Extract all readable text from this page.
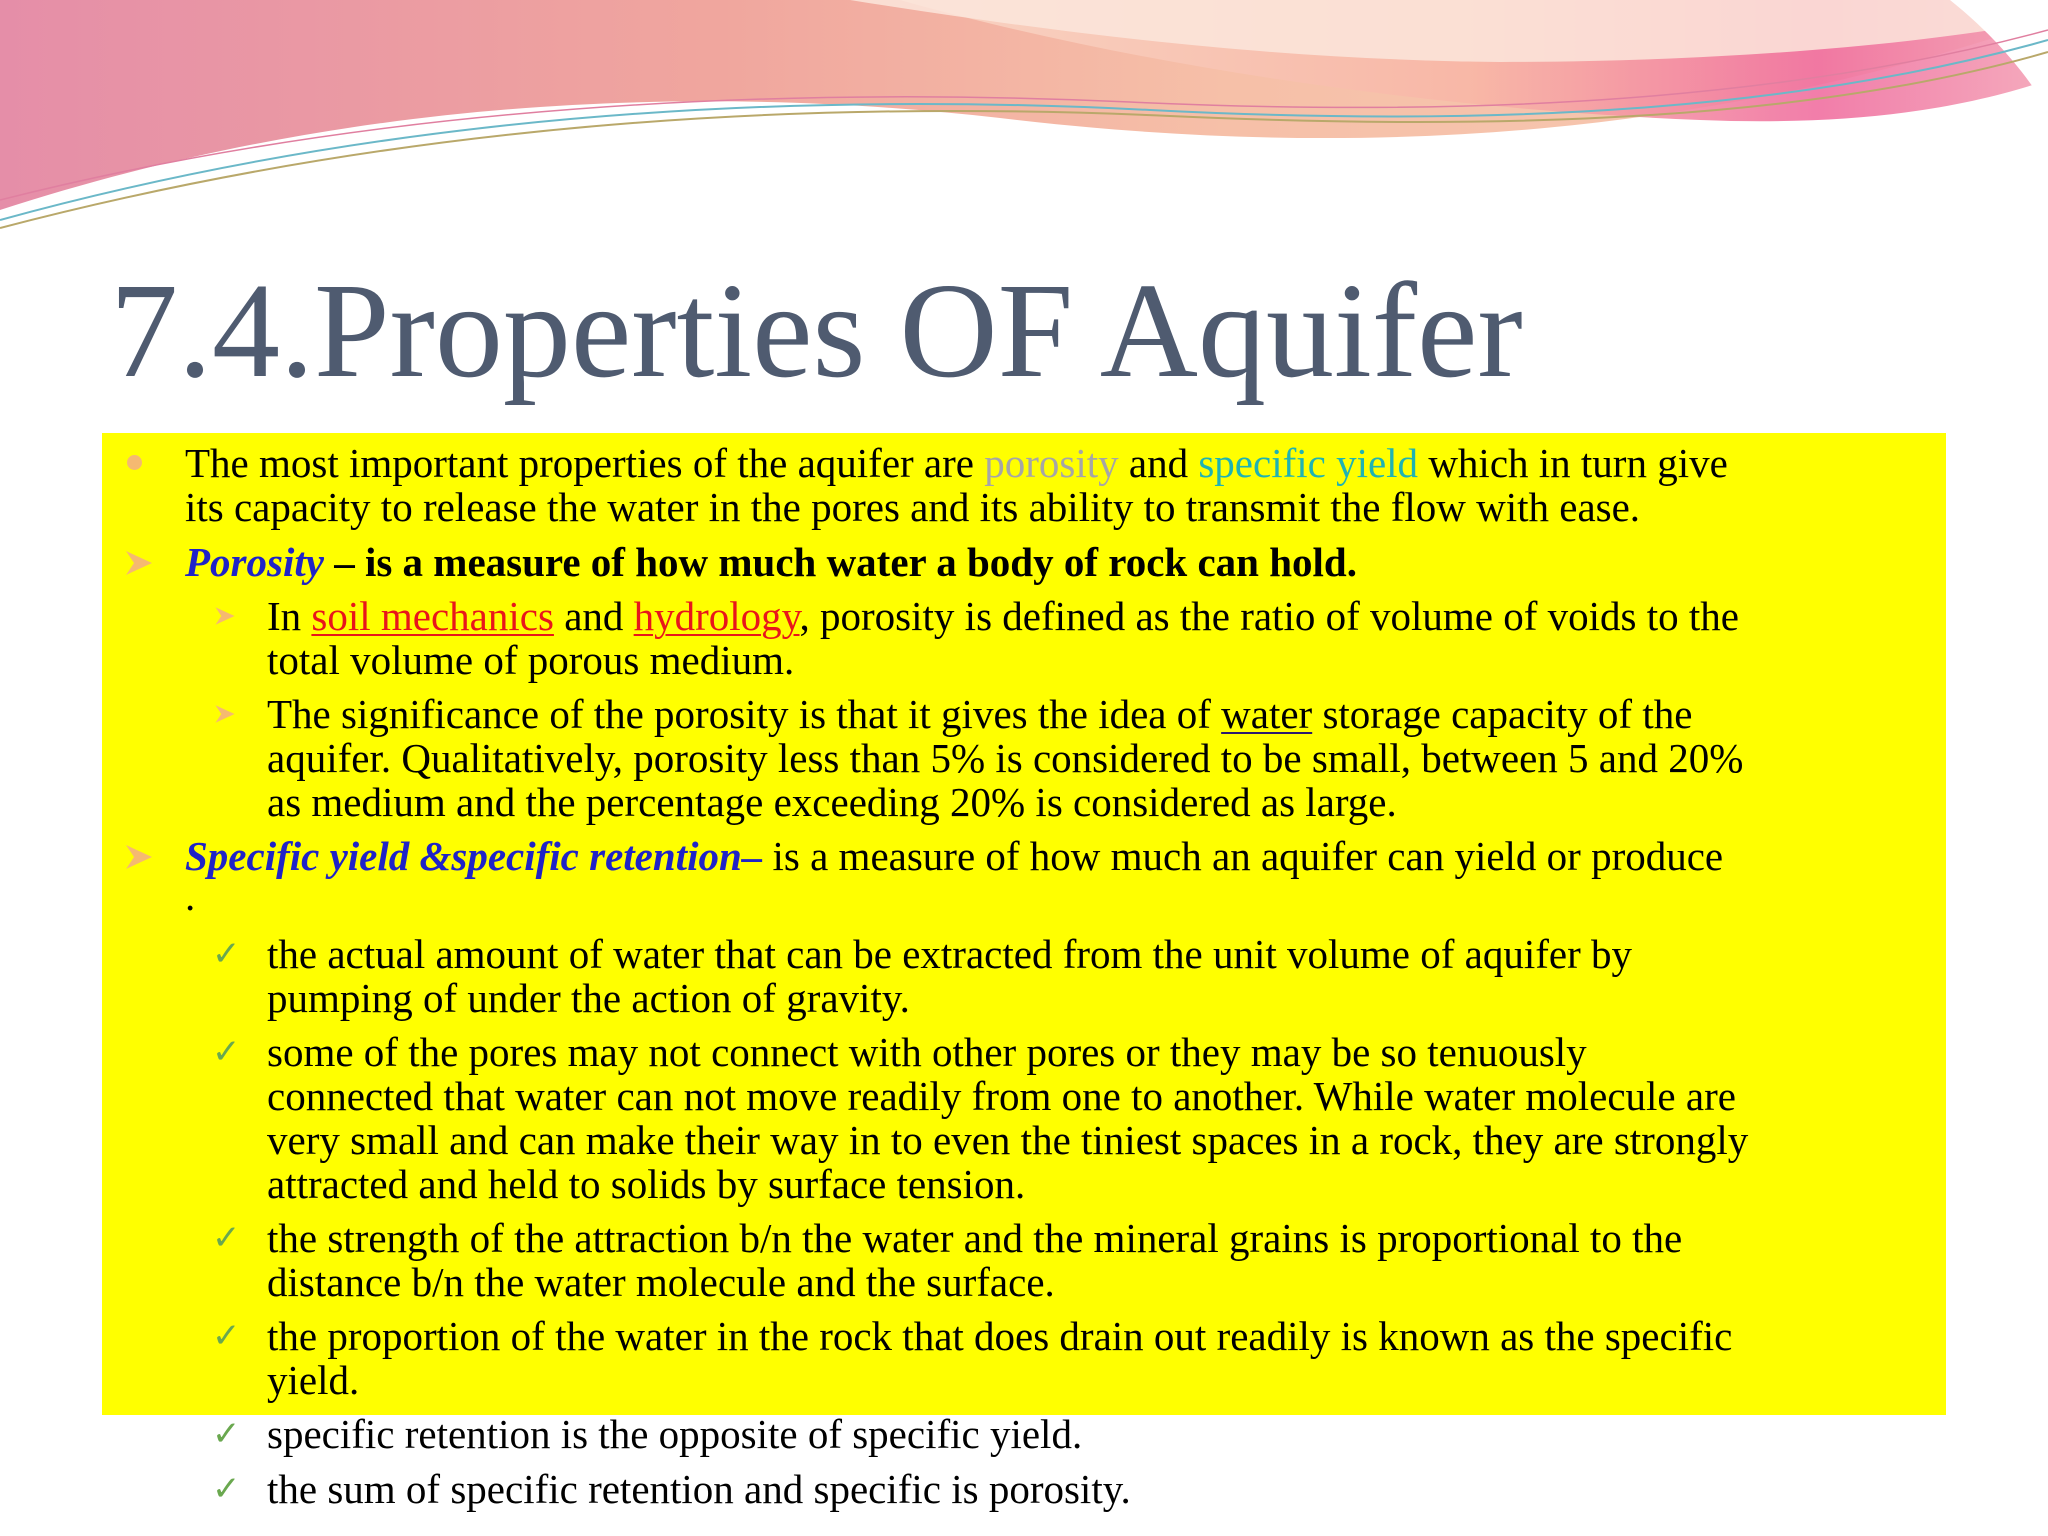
7.4.Properties OF Aquifer
The most important properties of the aquifer are porosity and specific yield which in turn give
its capacity to release the water in the pores and its ability to transmit the flow with ease.
Porosity – is a measure of how much water a body of rock can hold.
In soil mechanics and hydrology, porosity is defined as the ratio of volume of voids to the
total volume of porous medium.
The significance of the porosity is that it gives the idea of water storage capacity of the
aquifer. Qualitatively, porosity less than 5% is considered to be small, between 5 and 20%
as medium and the percentage exceeding 20% is considered as large.
Specific yield &specific retention– is a measure of how much an aquifer can yield or produce
.
✓ the actual amount of water that can be extracted from the unit volume of aquifer by
pumping of under the action of gravity.
✓ some of the pores may not connect with other pores or they may be so tenuously
connected that water can not move readily from one to another. While water molecule are
very small and can make their way in to even the tiniest spaces in a rock, they are strongly
attracted and held to solids by surface tension.
✓ the strength of the attraction b/n the water and the mineral grains is proportional to the
distance b/n the water molecule and the surface.
✓ the proportion of the water in the rock that does drain out readily is known as the specific
yield.
✓ specific retention is the opposite of specific yield.
✓ the sum of specific retention and specific is porosity.
